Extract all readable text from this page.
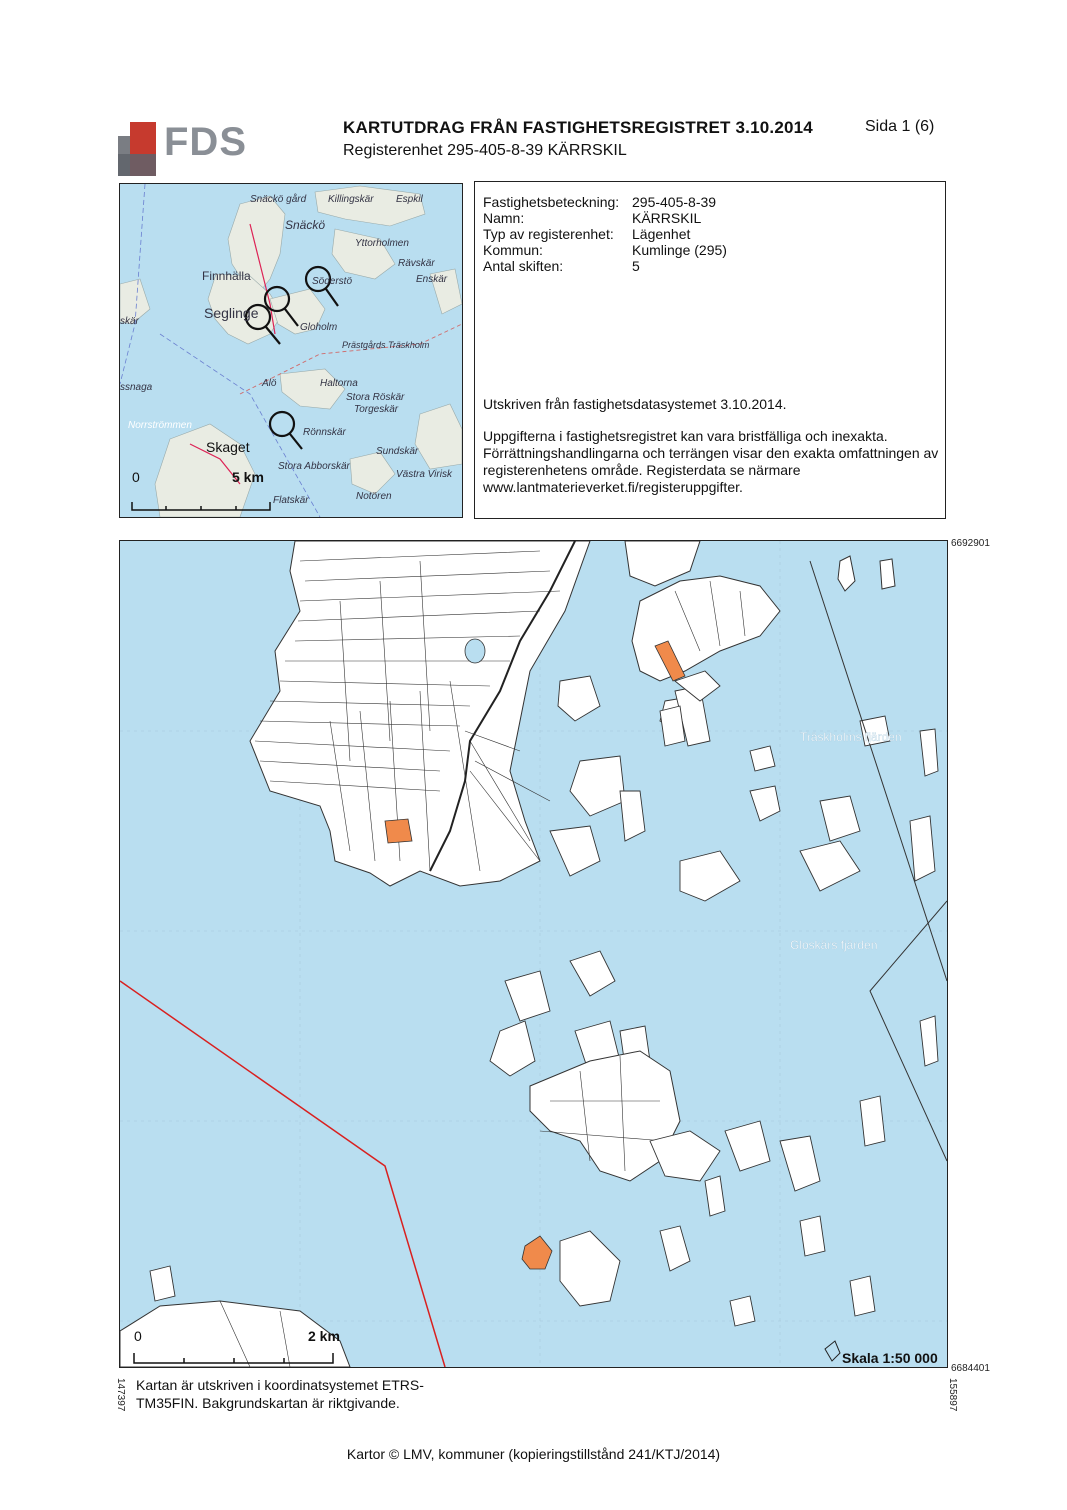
FDS	KARTUTDRAG FRÅN FASTIGHETSREGISTRET 3.10.2014
Registerenhet 295-405-8-39 KÄRRSKIL
Sida 1 (6)
Snäckö gård
Snäckö
Killingskär Espkil
Yttorholmen
Rävskär
Enskär
Finnhälla	Söderstö
Seglinge
Gloholm
Prästgårds Träskholm
Alö	Haltorna
Stora Röskär
Torgeskär
Rönnskär
Norrströmmen
Skaget	Sundskär
Stora Abborskär
Västra Virisk
Flatskär	Notören
skär
ssnaga
0	5 km
Fastighetsbeteckning: 295-405-8-39
Namn:	KÄRRSKIL
Typ av registerenhet:	Lägenhet
Kommun:	Kumlinge (295)
Antal skiften:	5
Utskriven från fastighetsdatasystemet 3.10.2014.
Uppgifterna i fastighetsregistret kan vara bristfälliga och inexakta. Förrättningshandlingarna och terrängen visar den exakta omfattningen av registerenhetens område. Registerdata se närmare www.lantmaterieverket.fi/registeruppgifter.
Träskholms fjärden
Gloskärs fjärden
0	2 km
Skala 1:50 000
6692901
6684401
147397	155897
Kartan är utskriven i koordinatsystemet ETRS-TM35FIN. Bakgrundskartan är riktgivande.
Kartor © LMV, kommuner (kopieringstillstånd 241/KTJ/2014)
